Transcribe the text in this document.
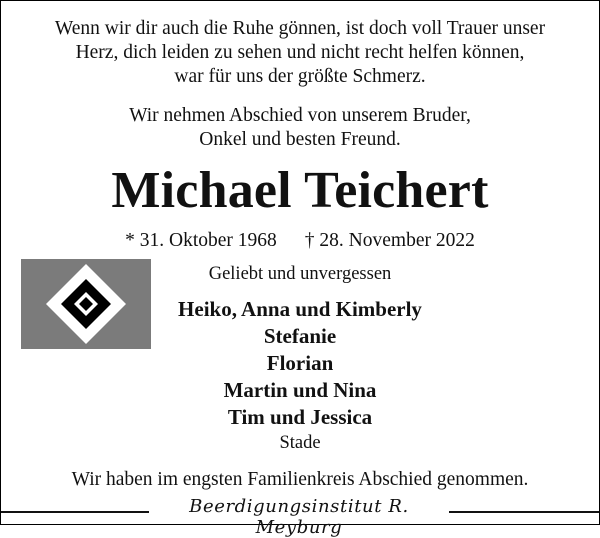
Wenn wir dir auch die Ruhe gönnen, ist doch voll Trauer unser
Herz, dich leiden zu sehen und nicht recht helfen können,
war für uns der größte Schmerz.
Wir nehmen Abschied von unserem Bruder,
Onkel und besten Freund.
Michael Teichert
* 31. Oktober 1968 † 28. November 2022
Geliebt und unvergessen
Heiko, Anna und Kimberly
Stefanie
Florian
Martin und Nina
Tim und Jessica
Stade
Wir haben im engsten Familienkreis Abschied genommen.
Beerdigungsinstitut R. Meyburg
